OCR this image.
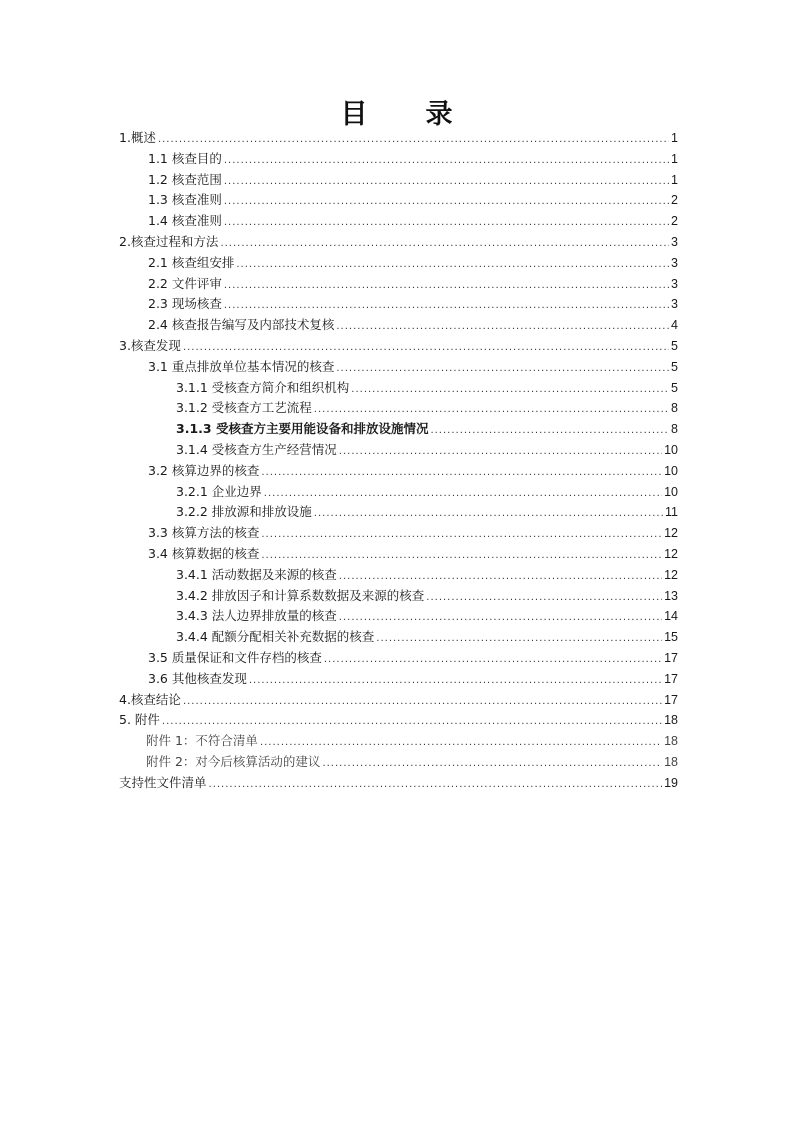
目 录
1.概述 .....	1
1.1 核查目的 .....	1
1.2 核查范围 .....	1
1.3 核查准则 .....	2
1.4 核查准则 .....	2
2.核查过程和方法 .....	3
2.1 核查组安排 .....	3
2.2 文件评审 .....	3
2.3 现场核查 .....	3
2.4 核查报告编写及内部技术复核 .....	4
3.核查发现 .....	5
3.1 重点排放单位基本情况的核查 .....	5
3.1.1 受核查方简介和组织机构 .....	5
3.1.2 受核查方工艺流程 .....	8
3.1.3 受核查方主要用能设备和排放设施情况 .....	8
3.1.4 受核查方生产经营情况 .....	10
3.2 核算边界的核查 .....	10
3.2.1 企业边界 .....	10
3.2.2 排放源和排放设施 .....	11
3.3 核算方法的核查 .....	12
3.4 核算数据的核查 .....	12
3.4.1 活动数据及来源的核查 .....	12
3.4.2 排放因子和计算系数数据及来源的核查 .....	13
3.4.3 法人边界排放量的核查 .....	14
3.4.4 配额分配相关补充数据的核查 .....	15
3.5 质量保证和文件存档的核查 .....	17
3.6 其他核查发现 .....	17
4.核查结论 .....	17
5. 附件 .....	18
附件 1：不符合清单 .....	18
附件 2：对今后核算活动的建议 .....	18
支持性文件清单 .....	19
